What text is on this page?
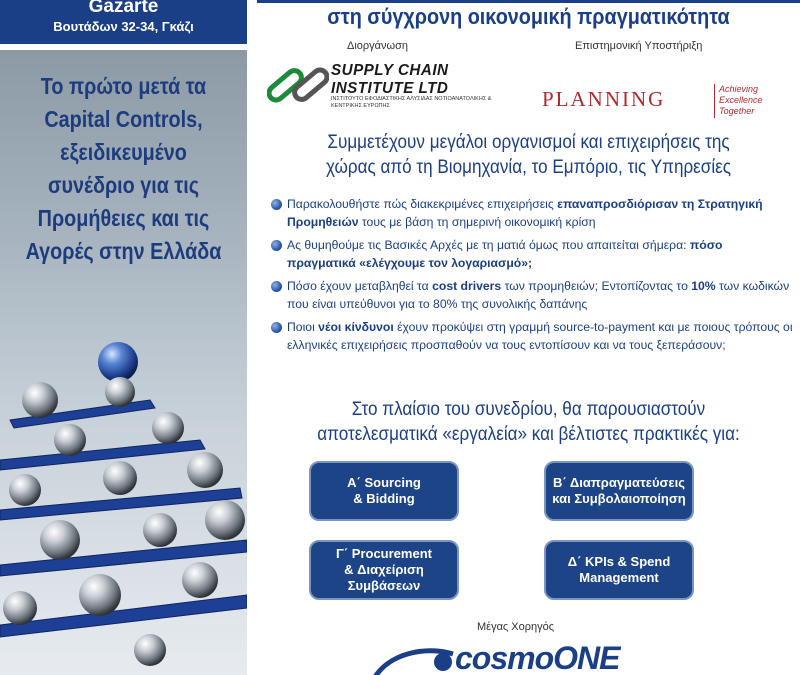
Gazarte
Βουτάδων 32-34, Γκάζι
Το πρώτο μετά τα
Capital Controls,
εξειδικευμένο
συνέδριο για τις
Προμήθειες και τις
Αγορές στην Ελλάδα
στη σύγχρονη οικονομική πραγματικότητα
Διοργάνωση	Επιστημονική Υποστήριξη
SUPPLY CHAIN
INSTITUTE LTD
ΙΝΣΤΙΤΟΥΤΟ ΕΦΟΔΙΑΣΤΙΚΗΣ ΑΛΥΣΙΔΑΣ ΝΟΤΙΟΑΝΑΤΟΛΙΚΗΣ & ΚΕΝΤΡΙΚΗΣ ΕΥΡΩΠΗΣ	PLANNING	Achieving
Excellence
Together
Συμμετέχουν μεγάλοι οργανισμοί και επιχειρήσεις της
χώρας από τη Βιομηχανία, το Εμπόριο, τις Υπηρεσίες
Παρακολουθήστε πώς διακεκριμένες επιχειρήσεις επαναπροσδιόρισαν τη Στρατηγική Προμηθειών τους με βάση τη σημερινή οικονομική κρίση
Ας θυμηθούμε τις Βασικές Αρχές με τη ματιά όμως που απαιτείται σήμερα: πόσο πραγματικά «ελέγχουμε τον λογαριασμό»;
Πόσο έχουν μεταβληθεί τα cost drivers των προμηθειών; Εντοπίζοντας το 10% των κωδικών που είναι υπεύθυνοι για το 80% της συνολικής δαπάνης
Ποιοι νέοι κίνδυνοι έχουν προκύψει στη γραμμή source-to-payment και με ποιους τρόπους οι ελληνικές επιχειρήσεις προσπαθούν να τους εντοπίσουν και να τους ξεπεράσουν;
Στο πλαίσιο του συνεδρίου, θα παρουσιαστούν
αποτελεσματικά «εργαλεία» και βέλτιστες πρακτικές για:
Α΄ Sourcing
& Bidding
Β΄ Διαπραγματεύσεις
και Συμβολαιοποίηση
Γ΄ Procurement
& Διαχείριση
Συμβάσεων
Δ΄ KPIs & Spend
Management
Μέγας Χορηγός
cosmoONE
